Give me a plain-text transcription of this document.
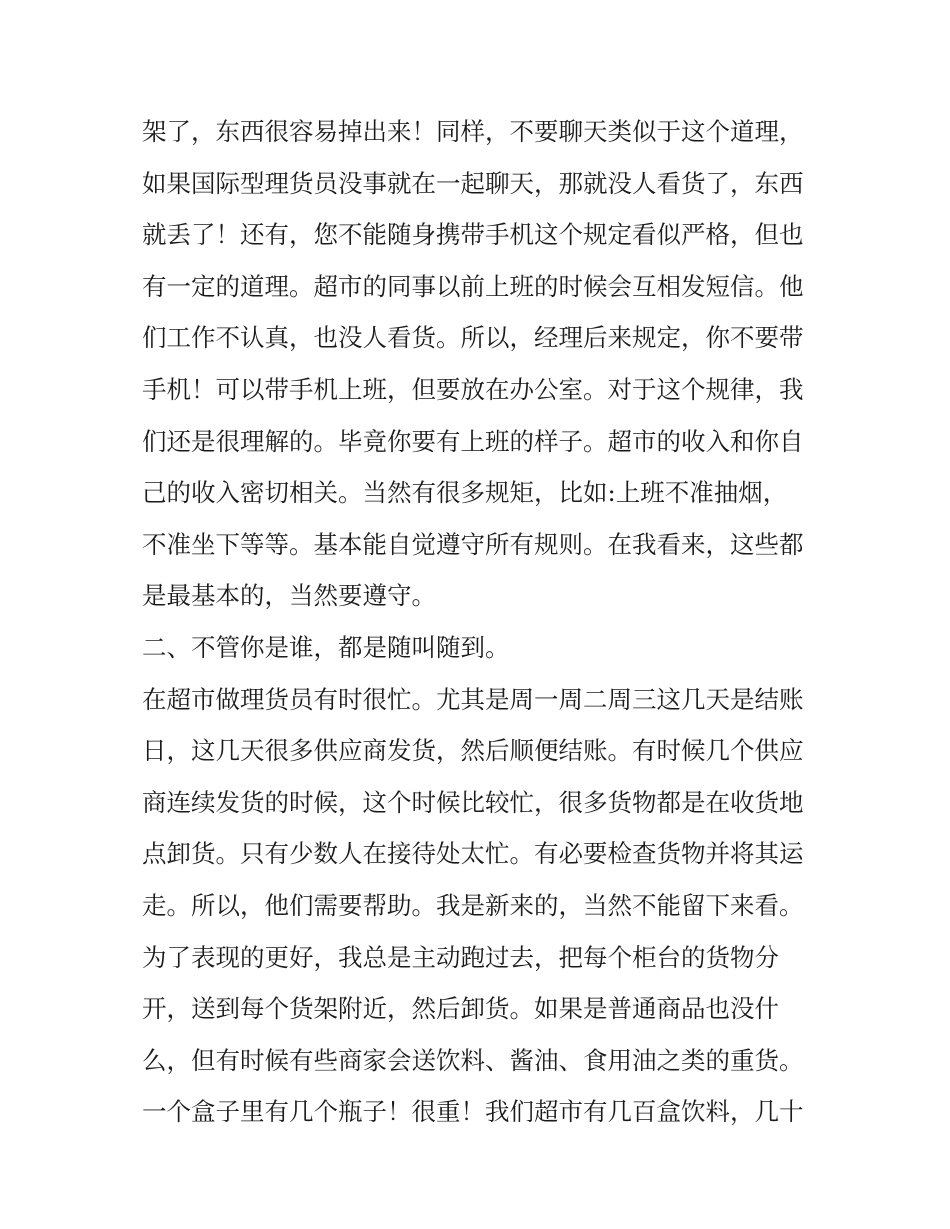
架了，东西很容易掉出来！同样，不要聊天类似于这个道理，
如果国际型理货员没事就在一起聊天，那就没人看货了，东西
就丢了！还有，您不能随身携带手机这个规定看似严格，但也
有一定的道理。超市的同事以前上班的时候会互相发短信。他
们工作不认真，也没人看货。所以，经理后来规定，你不要带
手机！可以带手机上班，但要放在办公室。对于这个规律，我
们还是很理解的。毕竟你要有上班的样子。超市的收入和你自
己的收入密切相关。当然有很多规矩，比如:上班不准抽烟，
不准坐下等等。基本能自觉遵守所有规则。在我看来，这些都
是最基本的，当然要遵守。
二、不管你是谁，都是随叫随到。
在超市做理货员有时很忙。尤其是周一周二周三这几天是结账
日，这几天很多供应商发货，然后顺便结账。有时候几个供应
商连续发货的时候，这个时候比较忙，很多货物都是在收货地
点卸货。只有少数人在接待处太忙。有必要检查货物并将其运
走。所以，他们需要帮助。我是新来的，当然不能留下来看。
为了表现的更好，我总是主动跑过去，把每个柜台的货物分
开，送到每个货架附近，然后卸货。如果是普通商品也没什
么，但有时候有些商家会送饮料、酱油、食用油之类的重货。
一个盒子里有几个瓶子！很重！我们超市有几百盒饮料，几十
